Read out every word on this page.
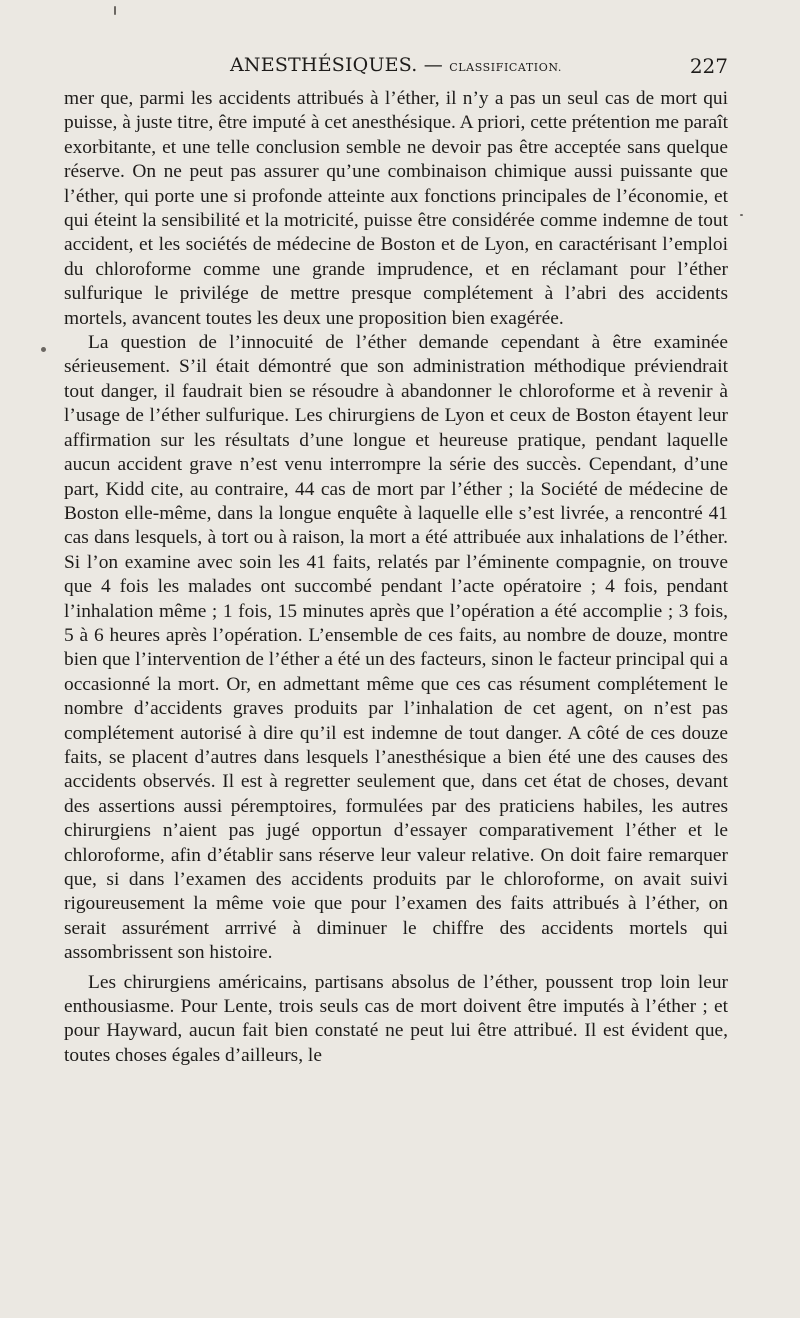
ANESTHÉSIQUES. — CLASSIFICATION.	227

mer que, parmi les accidents attribués à l’éther, il n’y a pas un seul cas de mort qui puisse, à juste titre, être imputé à cet anesthésique. A priori, cette prétention me paraît exorbitante, et une telle conclusion semble ne devoir pas être acceptée sans quelque réserve. On ne peut pas assurer qu’une combinaison chimique aussi puissante que l’éther, qui porte une si profonde atteinte aux fonctions principales de l’économie, et qui éteint la sensibilité et la motricité, puisse être considérée comme indemne de tout accident, et les sociétés de médecine de Boston et de Lyon, en caractérisant l’emploi du chloroforme comme une grande imprudence, et en réclamant pour l’éther sulfurique le privilége de mettre presque complétement à l’abri des accidents mortels, avancent toutes les deux une proposition bien exagérée.

La question de l’innocuité de l’éther demande cependant à être examinée sérieusement. S’il était démontré que son administration méthodique préviendrait tout danger, il faudrait bien se résoudre à abandonner le chloroforme et à revenir à l’usage de l’éther sulfurique. Les chirurgiens de Lyon et ceux de Boston étayent leur affirmation sur les résultats d’une longue et heureuse pratique, pendant laquelle aucun accident grave n’est venu interrompre la série des succès. Cependant, d’une part, Kidd cite, au contraire, 44 cas de mort par l’éther ; la Société de médecine de Boston elle-même, dans la longue enquête à laquelle elle s’est livrée, a rencontré 41 cas dans lesquels, à tort ou à raison, la mort a été attribuée aux inhalations de l’éther. Si l’on examine avec soin les 41 faits, relatés par l’éminente compagnie, on trouve que 4 fois les malades ont succombé pendant l’acte opératoire ; 4 fois, pendant l’inhalation même ; 1 fois, 15 minutes après que l’opération a été accomplie ; 3 fois, 5 à 6 heures après l’opération. L’ensemble de ces faits, au nombre de douze, montre bien que l’intervention de l’éther a été un des facteurs, sinon le facteur principal qui a occasionné la mort. Or, en admettant même que ces cas résument complétement le nombre d’accidents graves produits par l’inhalation de cet agent, on n’est pas complétement autorisé à dire qu’il est indemne de tout danger. A côté de ces douze faits, se placent d’autres dans lesquels l’anesthésique a bien été une des causes des accidents observés. Il est à regretter seulement que, dans cet état de choses, devant des assertions aussi péremptoires, formulées par des praticiens habiles, les autres chirurgiens n’aient pas jugé opportun d’essayer comparativement l’éther et le chloroforme, afin d’établir sans réserve leur valeur relative. On doit faire remarquer que, si dans l’examen des accidents produits par le chloroforme, on avait suivi rigoureusement la même voie que pour l’examen des faits attribués à l’éther, on serait assurément arrrivé à diminuer le chiffre des accidents mortels qui assombrissent son histoire.

Les chirurgiens américains, partisans absolus de l’éther, poussent trop loin leur enthousiasme. Pour Lente, trois seuls cas de mort doivent être imputés à l’éther ; et pour Hayward, aucun fait bien constaté ne peut lui être attribué. Il est évident que, toutes choses égales d’ailleurs, le
